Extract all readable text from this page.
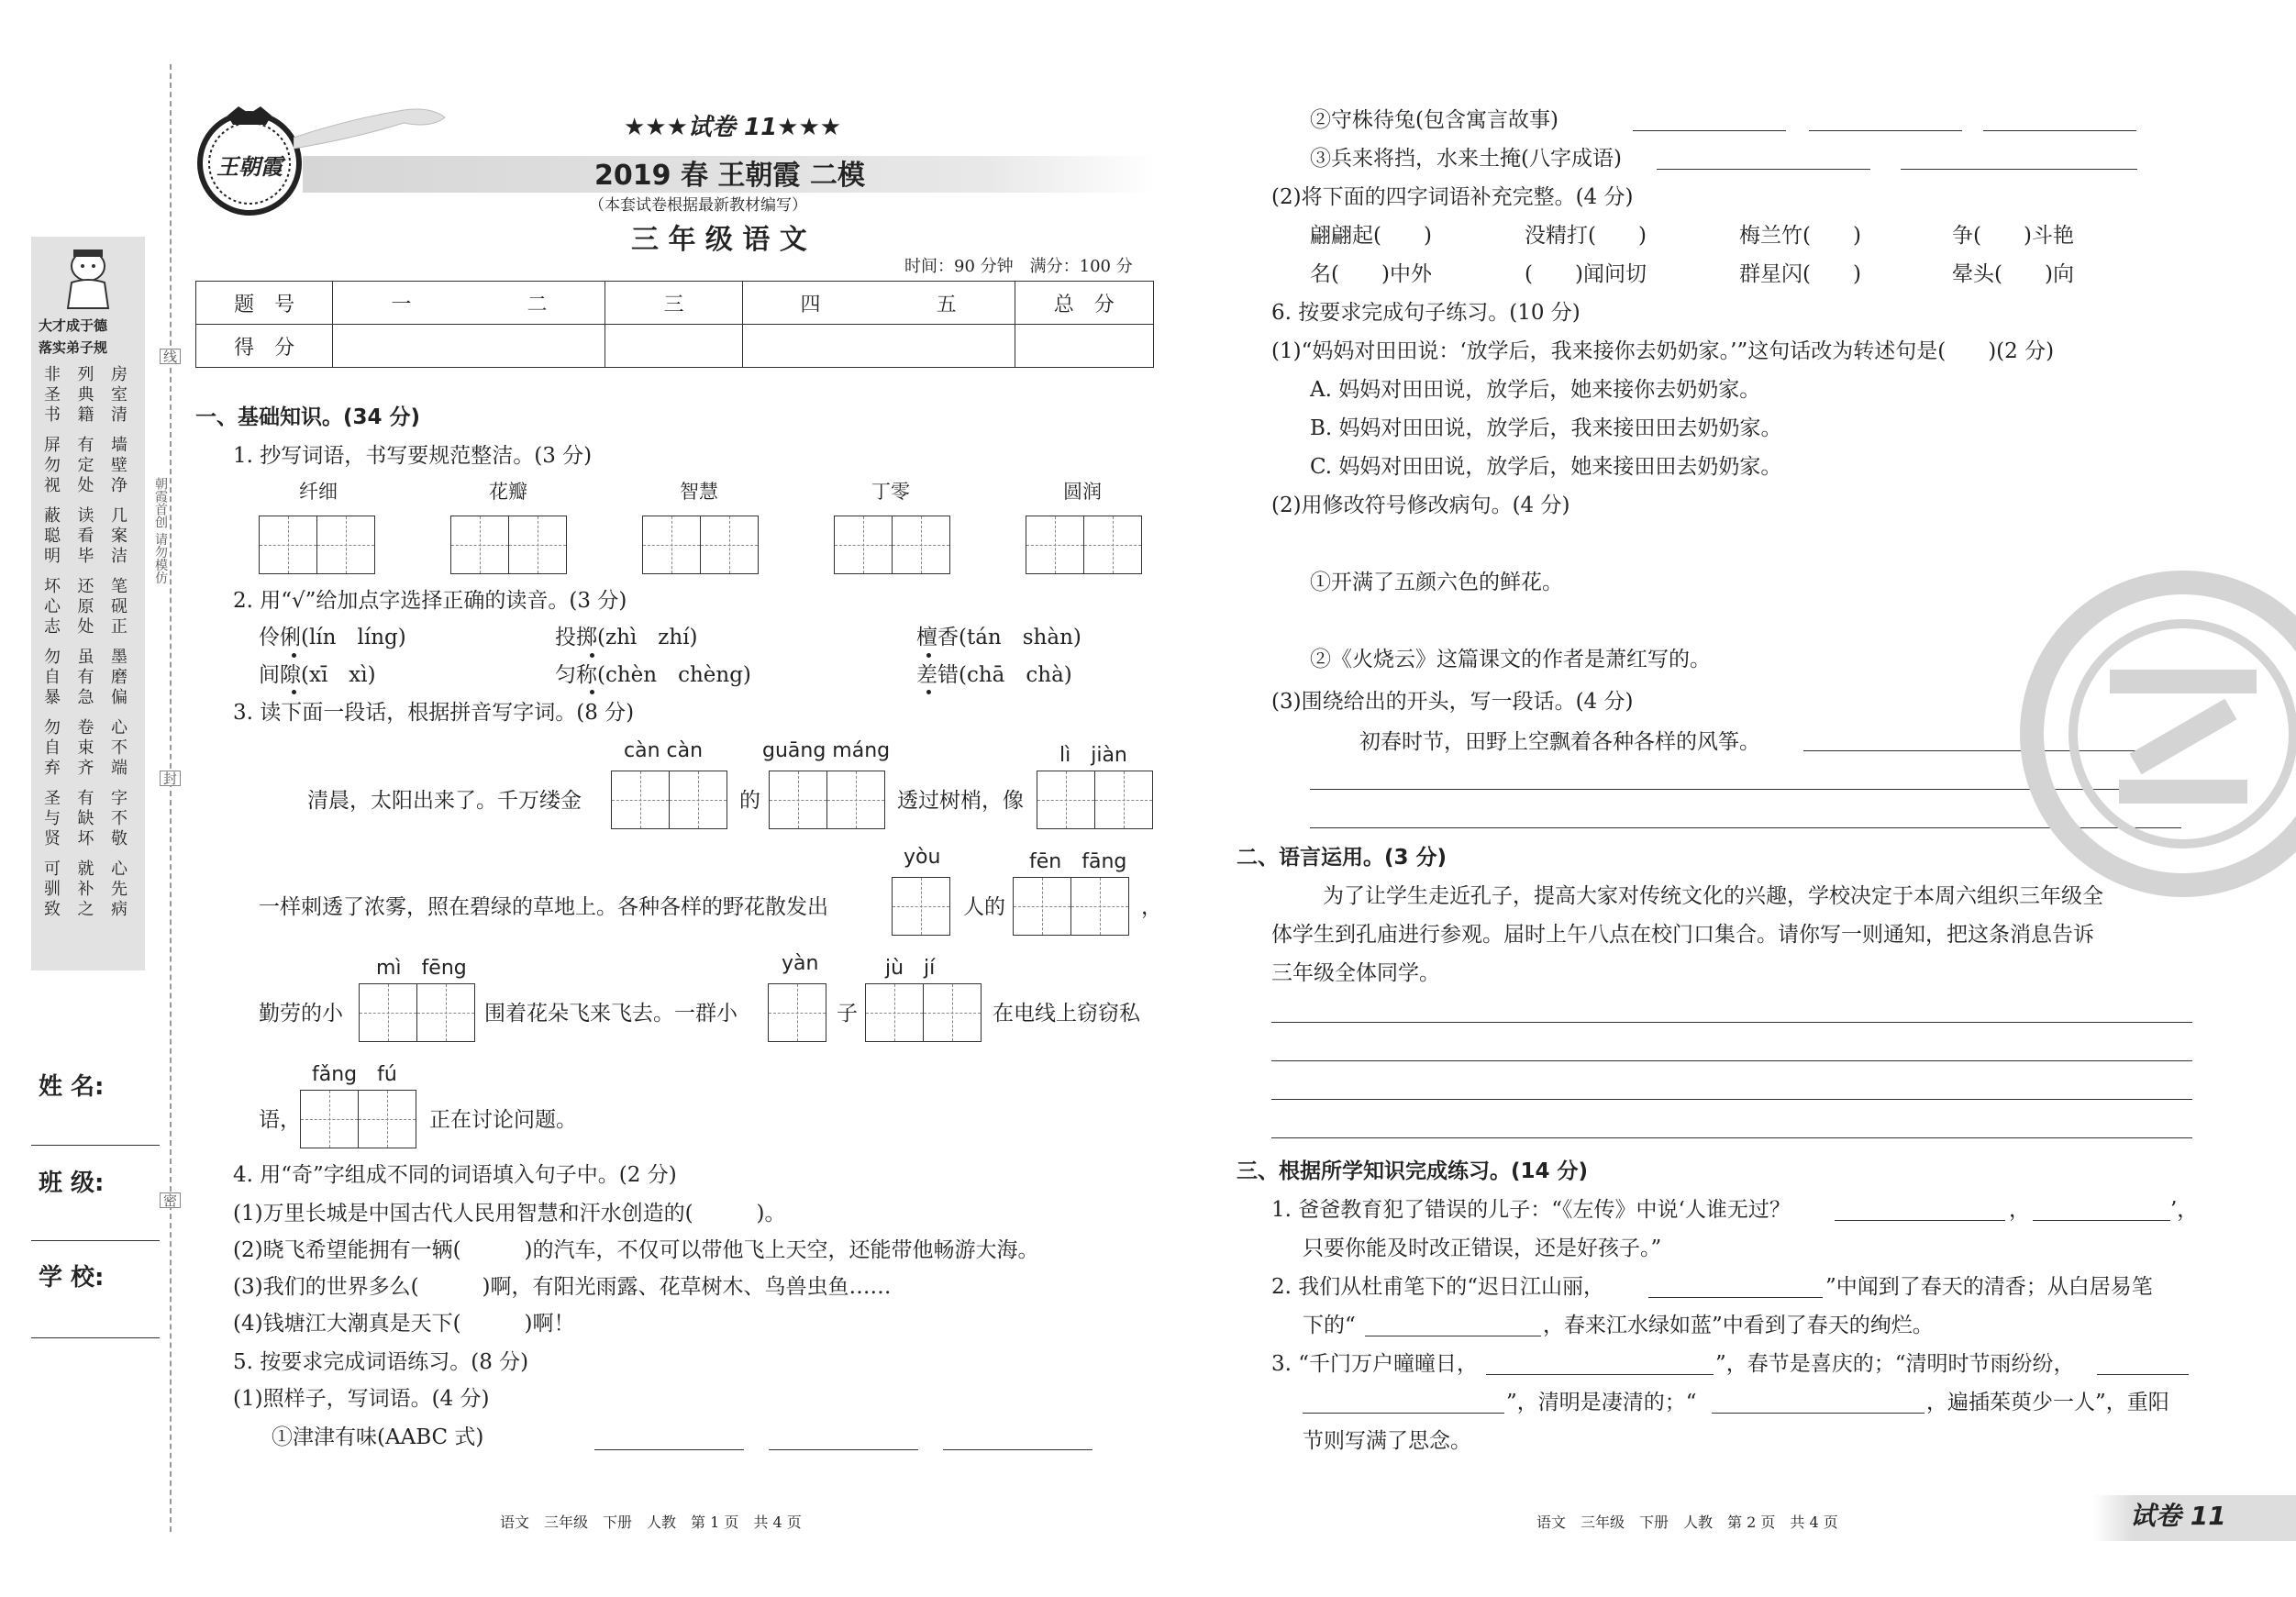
大才成于德
落实弟子规
非 列 房
圣 典 室
书 籍 清
屏 有 墙
勿 定 壁
视 处 净
蔽 读 几
聪 看 案
明 毕 洁
坏 还 笔
心 原 砚
志 处 正
勿 虽 墨
自 有 磨
暴 急 偏
勿 卷 心
自 束 不
弃 齐 端
圣 有 字
与 缺 不
贤 坏 敬
可 就 心
驯 补 先
致 之 病
线
朝霞首创 请勿模仿
封
密
姓 名:
班 级:
学 校:
王朝霞
★★★试卷 11★★★
2019 春 王朝霞 二模
（本套试卷根据最新教材编写）
三 年 级 语 文
时间：90 分钟　满分：100 分
题　号	一	二	三	四	五	总　分
得　分						
一、基础知识。(34 分)
1. 抄写词语，书写要规范整洁。(3 分)
纤细	花瓣	智慧	丁零	圆润
2. 用“√”给加点字选择正确的读音。(3 分)
伶俐(lín　líng)	投掷(zhì　zhí)	檀香(tán　shàn)
间隙(xī　xì)	匀称(chèn　chèng)	差错(chā　chà)
3. 读下面一段话，根据拼音写字词。(8 分)
càn càn	guāng máng	lì　jiàn
清晨，太阳出来了。千万缕金	的	透过树梢，像
yòu	fēn　fāng
一样刺透了浓雾，照在碧绿的草地上。各种各样的野花散发出	人的	，
mì　fēng	yàn	jù　jí
勤劳的小	围着花朵飞来飞去。一群小	子	在电线上窃窃私
fǎng　fú
语，	正在讨论问题。
4. 用“奇”字组成不同的词语填入句子中。(2 分)
(1)万里长城是中国古代人民用智慧和汗水创造的(　　　)。
(2)晓飞希望能拥有一辆(　　　)的汽车，不仅可以带他飞上天空，还能带他畅游大海。
(3)我们的世界多么(　　　)啊，有阳光雨露、花草树木、鸟兽虫鱼……
(4)钱塘江大潮真是天下(　　　)啊！
5. 按要求完成词语练习。(8 分)
(1)照样子，写词语。(4 分)
①津津有味(AABC 式)
语文　三年级　下册　人教　第 1 页　共 4 页
②守株待兔(包含寓言故事)
③兵来将挡，水来土掩(八字成语)
(2)将下面的四字词语补充完整。(4 分)
翩翩起(　　)	没精打(　　)	梅兰竹(　　)	争(　　)斗艳
名(　　)中外	(　　)闻问切	群星闪(　　)	晕头(　　)向
6. 按要求完成句子练习。(10 分)
(1)“妈妈对田田说：‘放学后，我来接你去奶奶家。’”这句话改为转述句是(　　)(2 分)
A. 妈妈对田田说，放学后，她来接你去奶奶家。
B. 妈妈对田田说，放学后，我来接田田去奶奶家。
C. 妈妈对田田说，放学后，她来接田田去奶奶家。
(2)用修改符号修改病句。(4 分)
①开满了五颜六色的鲜花。
②《火烧云》这篇课文的作者是萧红写的。
(3)围绕给出的开头，写一段话。(4 分)
初春时节，田野上空飘着各种各样的风筝。
二、语言运用。(3 分)
为了让学生走近孔子，提高大家对传统文化的兴趣，学校决定于本周六组织三年级全
体学生到孔庙进行参观。届时上午八点在校门口集合。请你写一则通知，把这条消息告诉
三年级全体同学。
三、根据所学知识完成练习。(14 分)
1. 爸爸教育犯了错误的儿子：“《左传》中说‘人谁无过？	，	’，
只要你能及时改正错误，还是好孩子。”
2. 我们从杜甫笔下的“迟日江山丽，	”中闻到了春天的清香；从白居易笔
下的“	，春来江水绿如蓝”中看到了春天的绚烂。
3. “千门万户曈曈日，	”，春节是喜庆的；“清明时节雨纷纷，
”，清明是凄清的；“	，遍插茱萸少一人”，重阳
节则写满了思念。
语文　三年级　下册　人教　第 2 页　共 4 页	试卷 11
